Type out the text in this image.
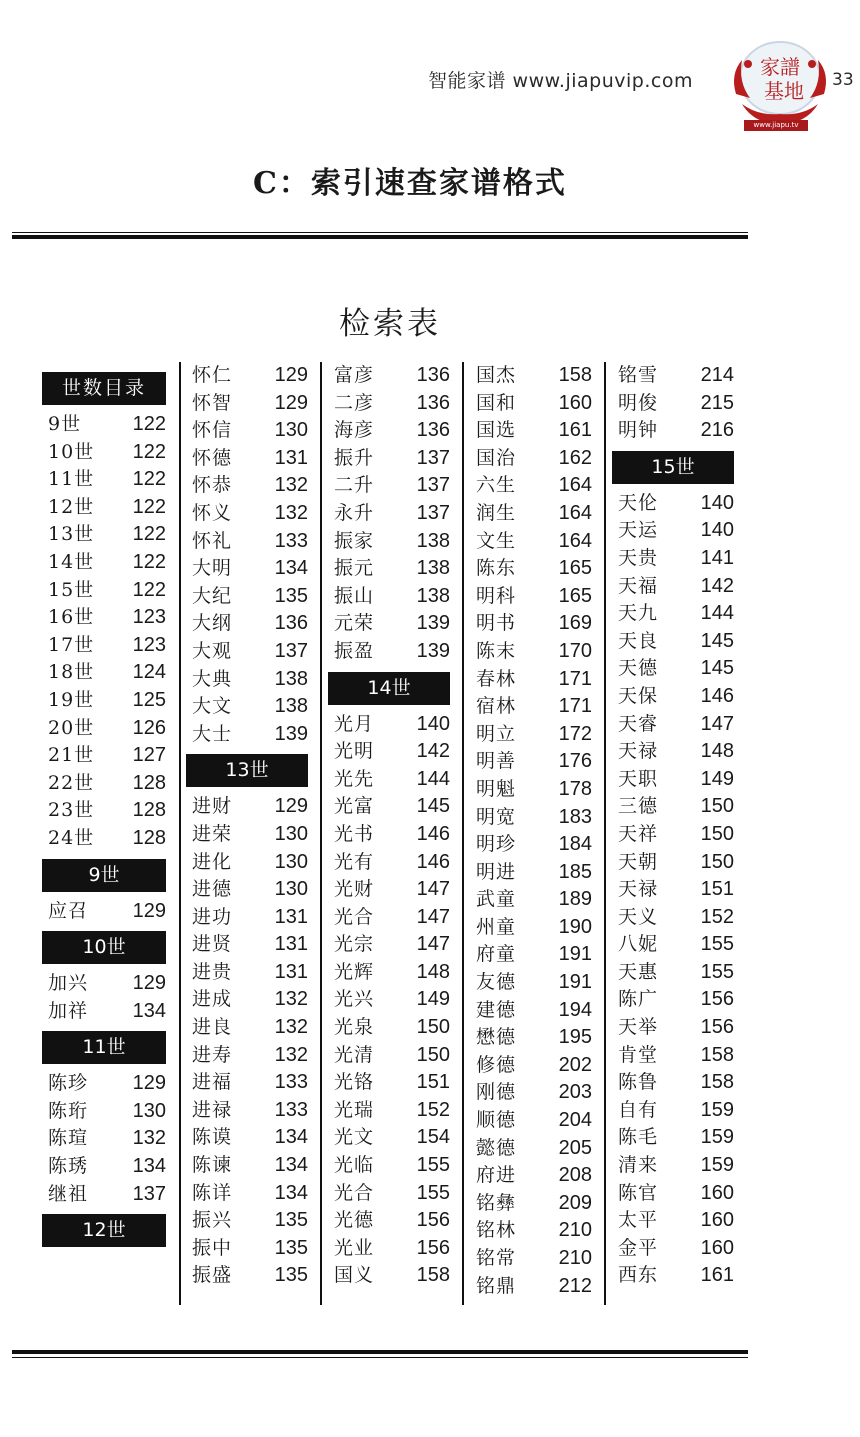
智能家谱 www.jiapuvip.com	33
家譜
基地
www.jiapu.tv
C：索引速查家谱格式
检索表
世数目录
9世	122
10世 122
11世 122
12世 122
13世 122
14世 122
15世 122
16世 123
17世 123
18世 124
19世 125
20世 126
21世 127
22世 128
23世 128
24世 128
9世
应召 129
10世
加兴 129
加祥 134
11世
陈珍 129
陈珩 130
陈瑄 132
陈琇 134
继祖 137
12世
怀仁 129
怀智 129
怀信 130
怀德 131
怀恭 132
怀义 132
怀礼 133
大明 134
大纪 135
大纲 136
大观 137
大典 138
大文 138
大士 139
13世
进财 129
进荣 130
进化 130
进德 130
进功 131
进贤 131
进贵 131
进成 132
进良 132
进寿 132
进福 133
进禄 133
陈谟 134
陈谏 134
陈详 134
振兴 135
振中 135
振盛 135
富彦 136
二彦 136
海彦 136
振升 137
二升 137
永升 137
振家 138
振元 138
振山 138
元荣 139
振盈 139
14世
光月 140
光明 142
光先 144
光富 145
光书 146
光有 146
光财 147
光合 147
光宗 147
光辉 148
光兴 149
光泉 150
光清 150
光铬 151
光瑞 152
光文 154
光临 155
光合 155
光德 156
光业 156
国义 158
国杰 158
国和 160
国选 161
国治 162
六生 164
润生 164
文生 164
陈东 165
明科 165
明书 169
陈末 170
春林 171
宿林 171
明立 172
明善 176
明魁 178
明宽 183
明珍 184
明进 185
武童 189
州童 190
府童 191
友德 191
建德 194
懋德 195
修德 202
刚德 203
顺德 204
懿德 205
府进 208
铭彝 209
铭林 210
铭常 210
铭鼎 212
铭雪 214
明俊 215
明钟 216
15世
天伦 140
天运 140
天贵 141
天福 142
天九 144
天良 145
天德 145
天保 146
天睿 147
天禄 148
天职 149
三德 150
天祥 150
天朝 150
天禄 151
天义 152
八妮 155
天惠 155
陈广 156
天举 156
肯堂 158
陈鲁 158
自有 159
陈毛 159
清来 159
陈官 160
太平 160
金平 160
西东 161
